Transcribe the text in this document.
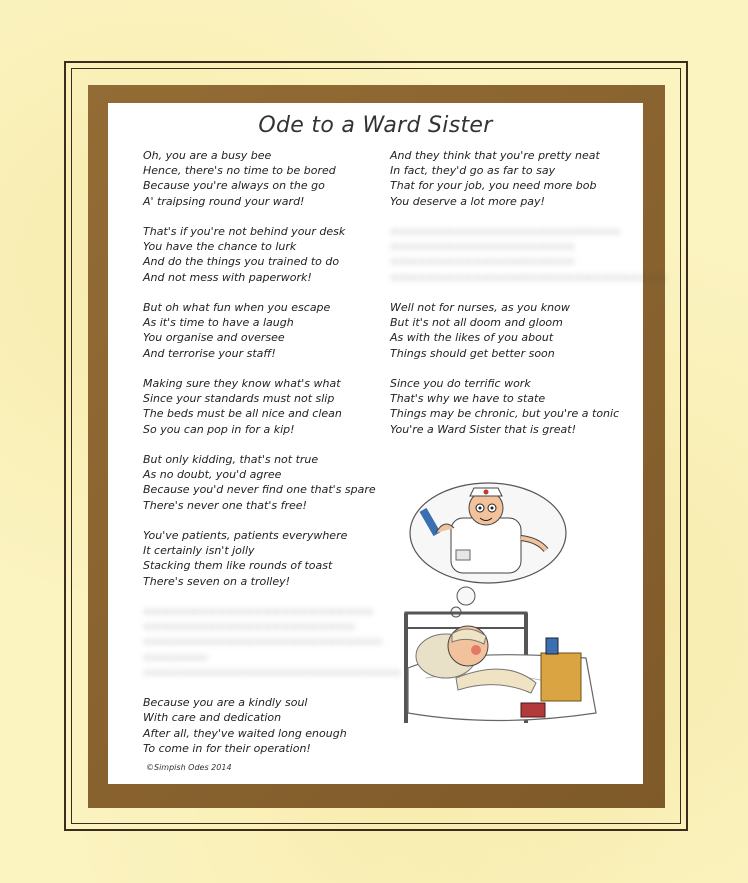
Ode to a Ward Sister
Oh, you are a busy bee
Hence, there's no time to be bored
Because you're always on the go
A' traipsing round your ward!
That's if you're not behind your desk
You have the chance to lurk
And do the things you trained to do
And not mess with paperwork!
But oh what fun when you escape
As it's time to have a laugh
You organise and oversee
And terrorise your staff!
Making sure they know what's what
Since your standards must not slip
The beds must be all nice and clean
So you can pop in for a kip!
But only kidding, that's not true
As no doubt, you'd agree
Because you'd never find one that's spare
There's never one that's free!
You've patients, patients everywhere
It certainly isn't jolly
Stacking them like rounds of toast
There's seven on a trolley!
~~~~~~~~~~~~~~~~~~~~~~~~~
~~~~~~~~~~~~~~~~~~~~~~~
~~~~~~~~~~~~~~~~~~~~~~~~~~
~~~~~~~
~~~~~~~~~~~~~~~~~~~~~~~~~~~~
Because you are a kindly soul
With care and dedication
After all, they've waited long enough
To come in for their operation!
And they think that you're pretty neat
In fact, they'd go as far to say
That for your job, you need more bob
You deserve a lot more pay!
~~~~~~~~~~~~~~~~~~~~~~~~~
~~~~~~~~~~~~~~~~~~~~
~~~~~~~~~~~~~~~~~~~~
~~~~~~~~~~~~~~~~~~~~~~~~~~~~~~
Well not for nurses, as you know
But it's not all doom and gloom
As with the likes of you about
Things should get better soon
Since you do terrific work
That's why we have to state
Things may be chronic, but you're a tonic
You're a Ward Sister that is great!
©Simpish Odes 2014
